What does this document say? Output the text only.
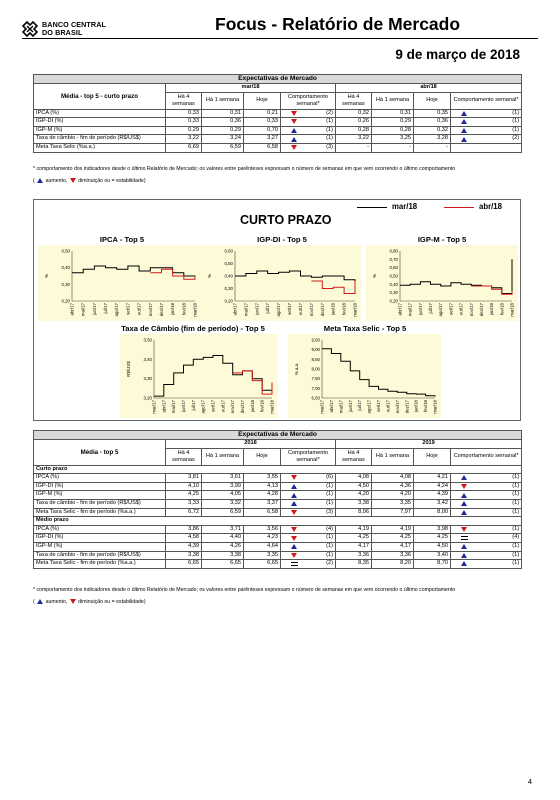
BANCO CENTRAL
DO BRASIL	Focus - Relatório de Mercado
9 de março de 2018
Expectativas de Mercado								
Média - top 5 - curto prazo	mar/18				abr/18			
	Há 4 semanas	Há 1 semana	Hoje	Comportamento semanal*	Há 4 semanas	Há 1 semana	Hoje	Comportamento semanal*
IPCA (%)	0,33	0,31	0,21	(2)	0,32	0,31	0,35	(1)

IGP-DI (%)	0,33	0,36	0,33	(1)	0,26	0,29	0,36	(1)

IGP-M (%)	0,29	0,29	0,70	(1)	0,28	0,28	0,32	(1)

Taxa de câmbio - fim de período (R$/US$)	3,22	3,24	3,27	(1)	3,22	3,25	3,28	(2)

Meta Taxa Selic (%a.a.)	6,69	6,59	6,58	(3)	-	-	-	
* comportamento dos indicadores desde o último Relatório de Mercado; os valores entre parênteses expressam o número de semanas em que vem ocorrendo o último comportamento
( aumento, diminuição ou = estabilidade)
mar/18	abr/18
CURTO PRAZO
IPCA - Top 5	IGP-DI - Top 5	IGP-M - Top 5
Taxa de Câmbio (fim de período) - Top 5	Meta Taxa Selic - Top 5
0,20
0,30
0,40
0,50
abr/17 mai/17 jun/17 jul/17 ago/17 set/17 out/17 nov/17 dez/17 jan/18 fev/18 mar/18
%
0,20
0,30
0,40
0,50
0,60
abr/17 mai/17 jun/17 jul/17 ago/17 set/17 out/17 nov/17 dez/17 jan/18 fev/18 mar/18
%
0,20
0,30
0,40
0,50
0,60
0,70
0,80
abr/17 mai/17 jun/17 jul/17 ago/17 set/17 out/17 nov/17 dez/17 jan/18 fev/18 mar/18
%
3,20
3,30
3,40
3,50
mar/17 abr/17 mai/17 jun/17 jul/17 ago/17 set/17 out/17 nov/17 dez/17 jan/18 fev/18 mar/18
R$/US$
6,50
7,00
7,50
8,00
8,50
9,00
9,50
mar/17 abr/17 mai/17 jun/17 jul/17 ago/17 set/17 out/17 nov/17 dez/17 jan/18 fev/18 mar/18
% a.a.
Expectativas de Mercado								
Média - top 5	2018				2019			
	Há 4 semanas	Há 1 semana	Hoje	Comportamento semanal*	Há 4 semanas	Há 1 semana	Hoje	Comportamento semanal*
Curto prazo								
IPCA (%)	3,81	3,61	3,55	(6)	4,08	4,08	4,21	(1)

IGP-DI (%)	4,10	3,99	4,13	(1)	4,50	4,36	4,24	(1)

IGP-M (%)	4,25	4,05	4,28	(1)	4,20	4,20	4,39	(1)

Taxa de câmbio - fim de período (R$/US$)	3,33	3,32	3,37	(1)	3,38	3,35	3,42	(1)

Meta Taxa Selic - fim de período (%a.a.)	6,72	6,59	6,58	(3)	8,06	7,97	8,00	(1)

Médio prazo								
IPCA (%)	3,86	3,71	3,56	(4)	4,19	4,19	3,98	(1)

IGP-DI (%)	4,58	4,40	4,23	(1)	4,25	4,25	4,25	(4)

IGP-M (%)	4,39	4,26	4,64	(1)	4,17	4,17	4,50	(1)

Taxa de câmbio - fim de período (R$/US$)	3,38	3,38	3,35	(1)	3,36	3,36	3,40	(1)

Meta Taxa Selic - fim de período (%a.a.)	6,65	6,65	6,65	(2)	8,35	8,20	8,70	(1)
* comportamento dos indicadores desde o último Relatório de Mercado; os valores entre parênteses expressam o número de semanas em que vem ocorrendo o último comportamento
( aumento, diminuição ou = estabilidade)
4
